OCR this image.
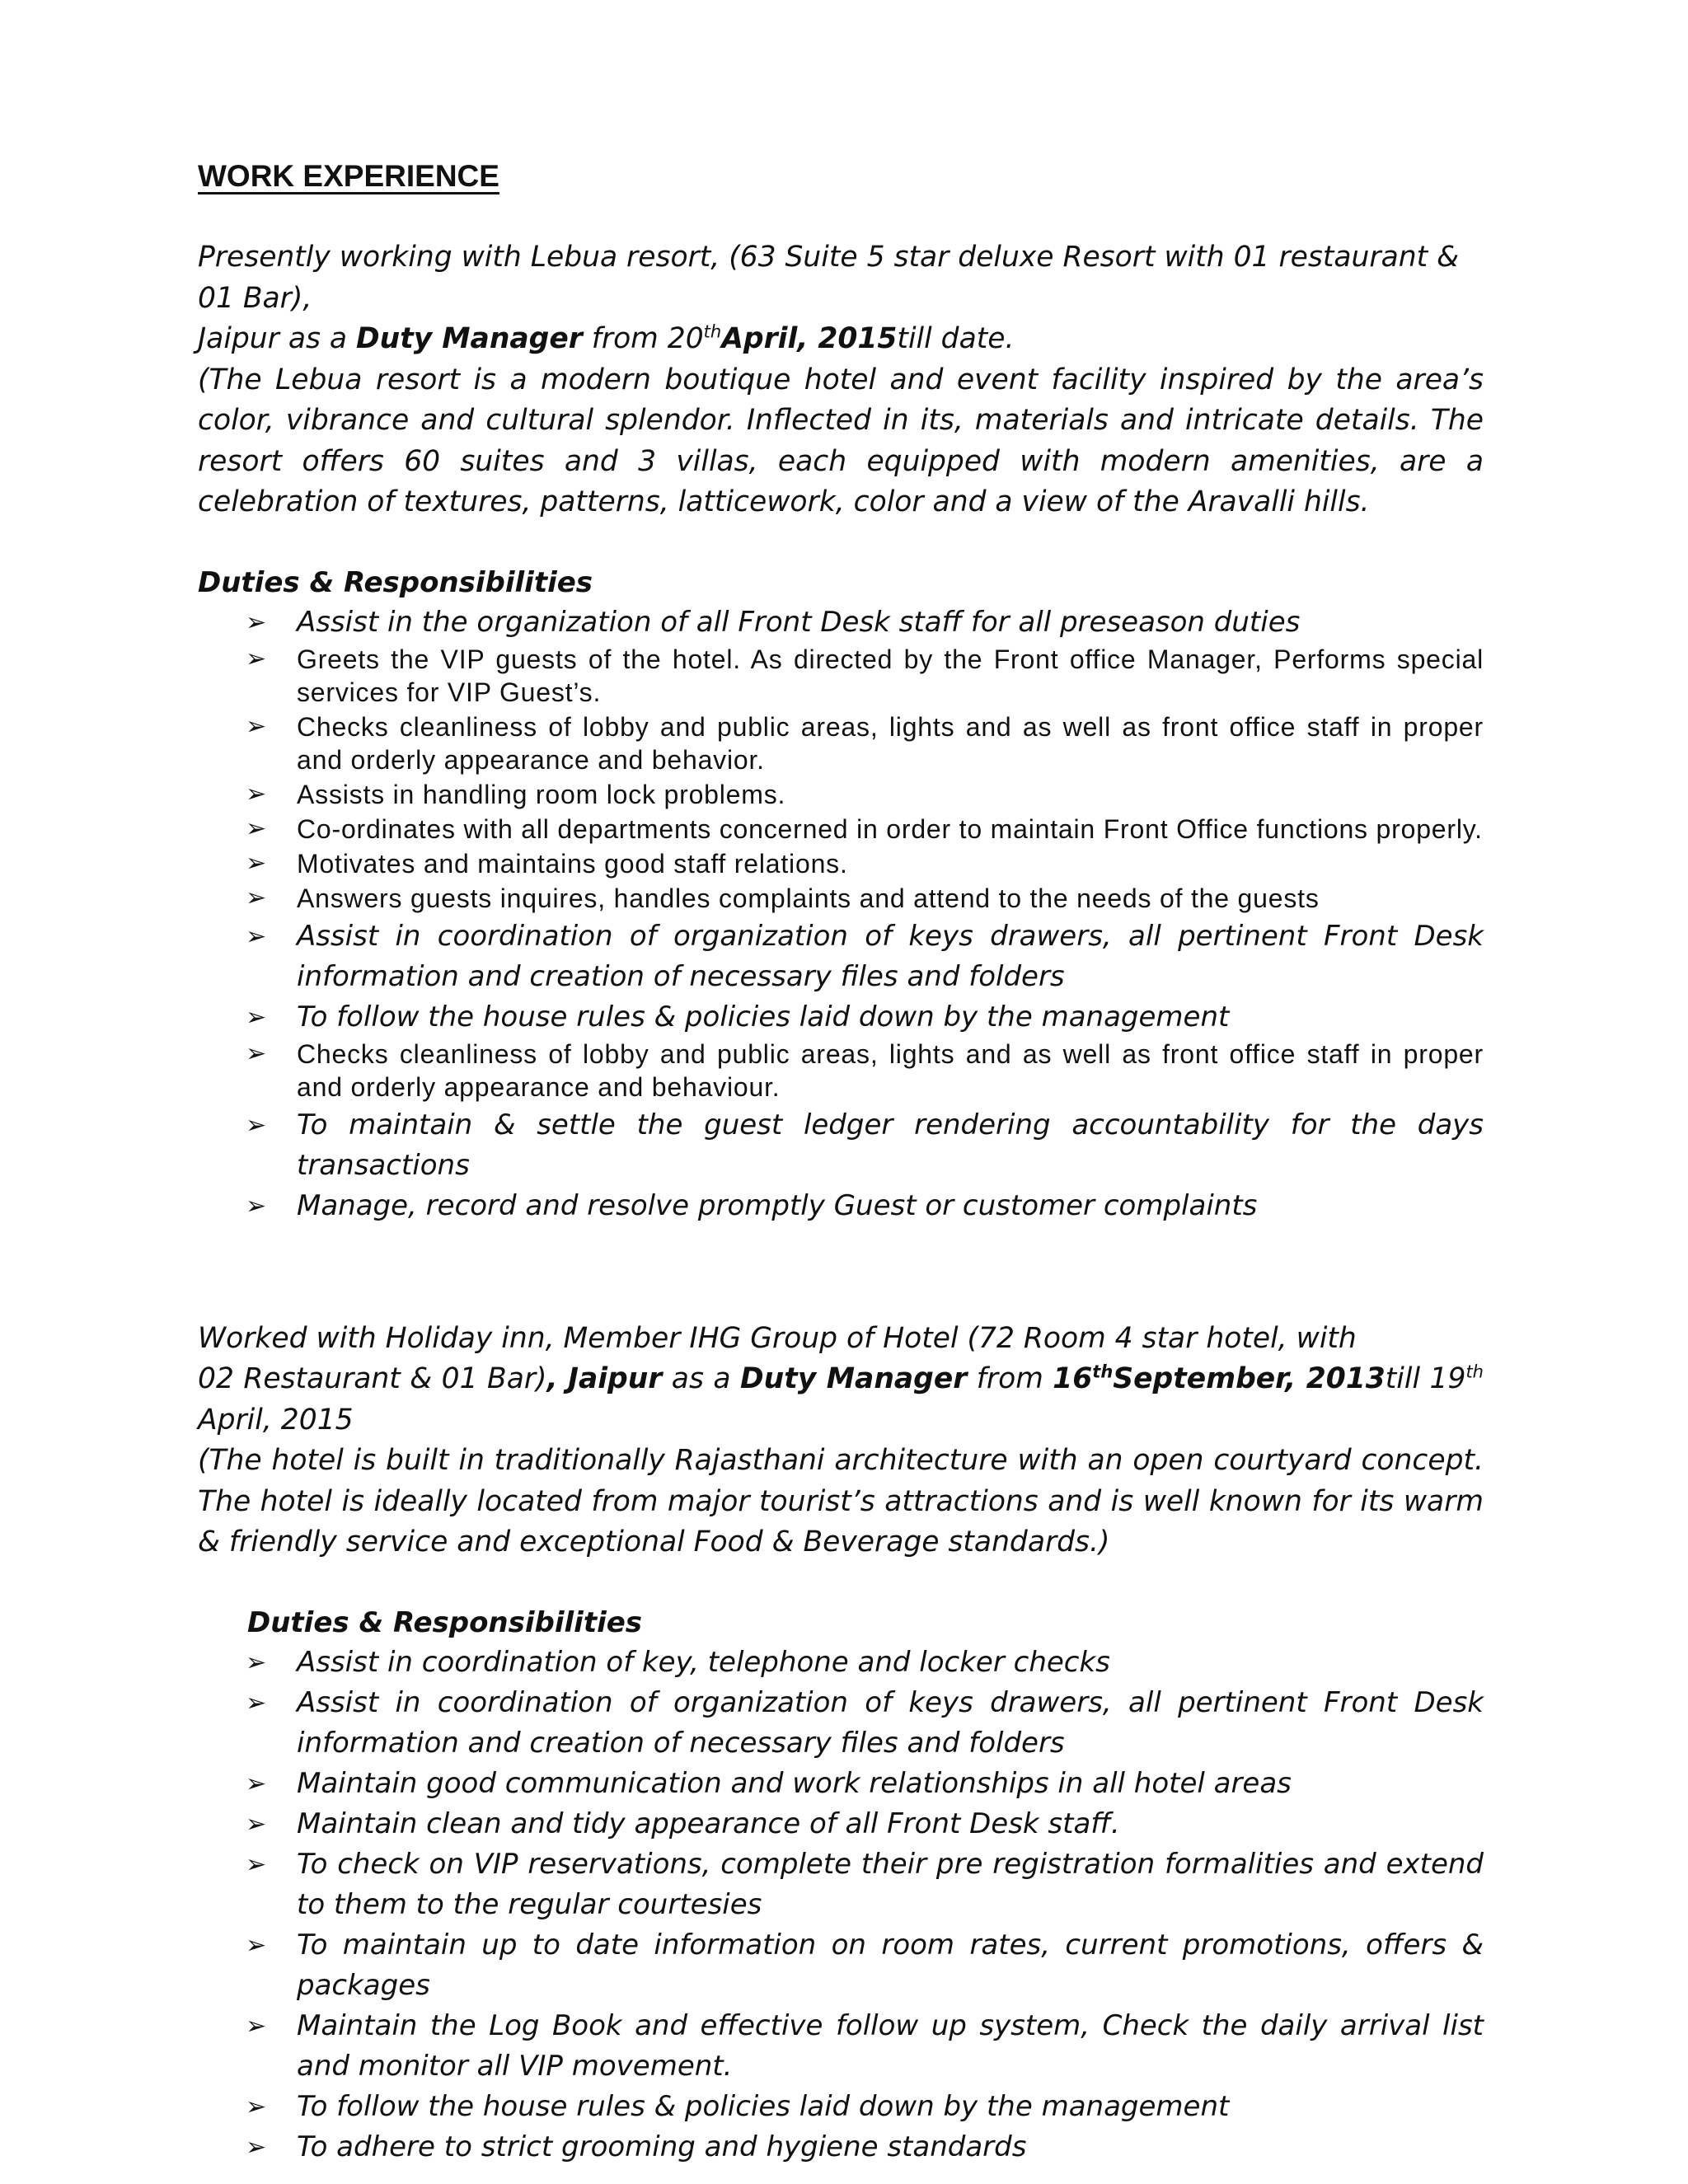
WORK EXPERIENCE

Presently working with Lebua resort, (63 Suite 5 star deluxe Resort with 01 restaurant & 01 Bar),
Jaipur as a Duty Manager from 20thApril, 2015till date.

(The Lebua resort is a modern boutique hotel and event facility inspired by the area’s color, vibrance and cultural splendor. Inflected in its, materials and intricate details. The resort offers 60 suites and 3 villas, each equipped with modern amenities, are a celebration of textures, patterns, latticework, color and a view of the Aravalli hills.

Duties & Responsibilities

➢ Assist in the organization of all Front Desk staff for all preseason duties
➢ Greets the VIP guests of the hotel. As directed by the Front office Manager, Performs special services for VIP Guest’s.
➢ Checks cleanliness of lobby and public areas, lights and as well as front office staff in proper and orderly appearance and behavior.
➢ Assists in handling room lock problems.
➢ Co-ordinates with all departments concerned in order to maintain Front Office functions properly.
➢ Motivates and maintains good staff relations.
➢ Answers guests inquires, handles complaints and attend to the needs of the guests
➢ Assist in coordination of organization of keys drawers, all pertinent Front Desk information and creation of necessary files and folders
➢ To follow the house rules & policies laid down by the management
➢ Checks cleanliness of lobby and public areas, lights and as well as front office staff in proper and orderly appearance and behaviour.
➢ To maintain & settle the guest ledger rendering accountability for the days transactions
➢ Manage, record and resolve promptly Guest or customer complaints

Worked with Holiday inn, Member IHG Group of Hotel (72 Room 4 star hotel, with
02 Restaurant & 01 Bar), Jaipur as a Duty Manager from 16thSeptember, 2013till 19th April, 2015

(The hotel is built in traditionally Rajasthani architecture with an open courtyard concept. The hotel is ideally located from major tourist’s attractions and is well known for its warm & friendly service and exceptional Food & Beverage standards.)

Duties & Responsibilities

➢ Assist in coordination of key, telephone and locker checks
➢ Assist in coordination of organization of keys drawers, all pertinent Front Desk information and creation of necessary files and folders
➢ Maintain good communication and work relationships in all hotel areas
➢ Maintain clean and tidy appearance of all Front Desk staff.
➢ To check on VIP reservations, complete their pre registration formalities and extend to them to the regular courtesies
➢ To maintain up to date information on room rates, current promotions, offers & packages
➢ Maintain the Log Book and effective follow up system, Check the daily arrival list and monitor all VIP movement.
➢ To follow the house rules & policies laid down by the management
➢ To adhere to strict grooming and hygiene standards
